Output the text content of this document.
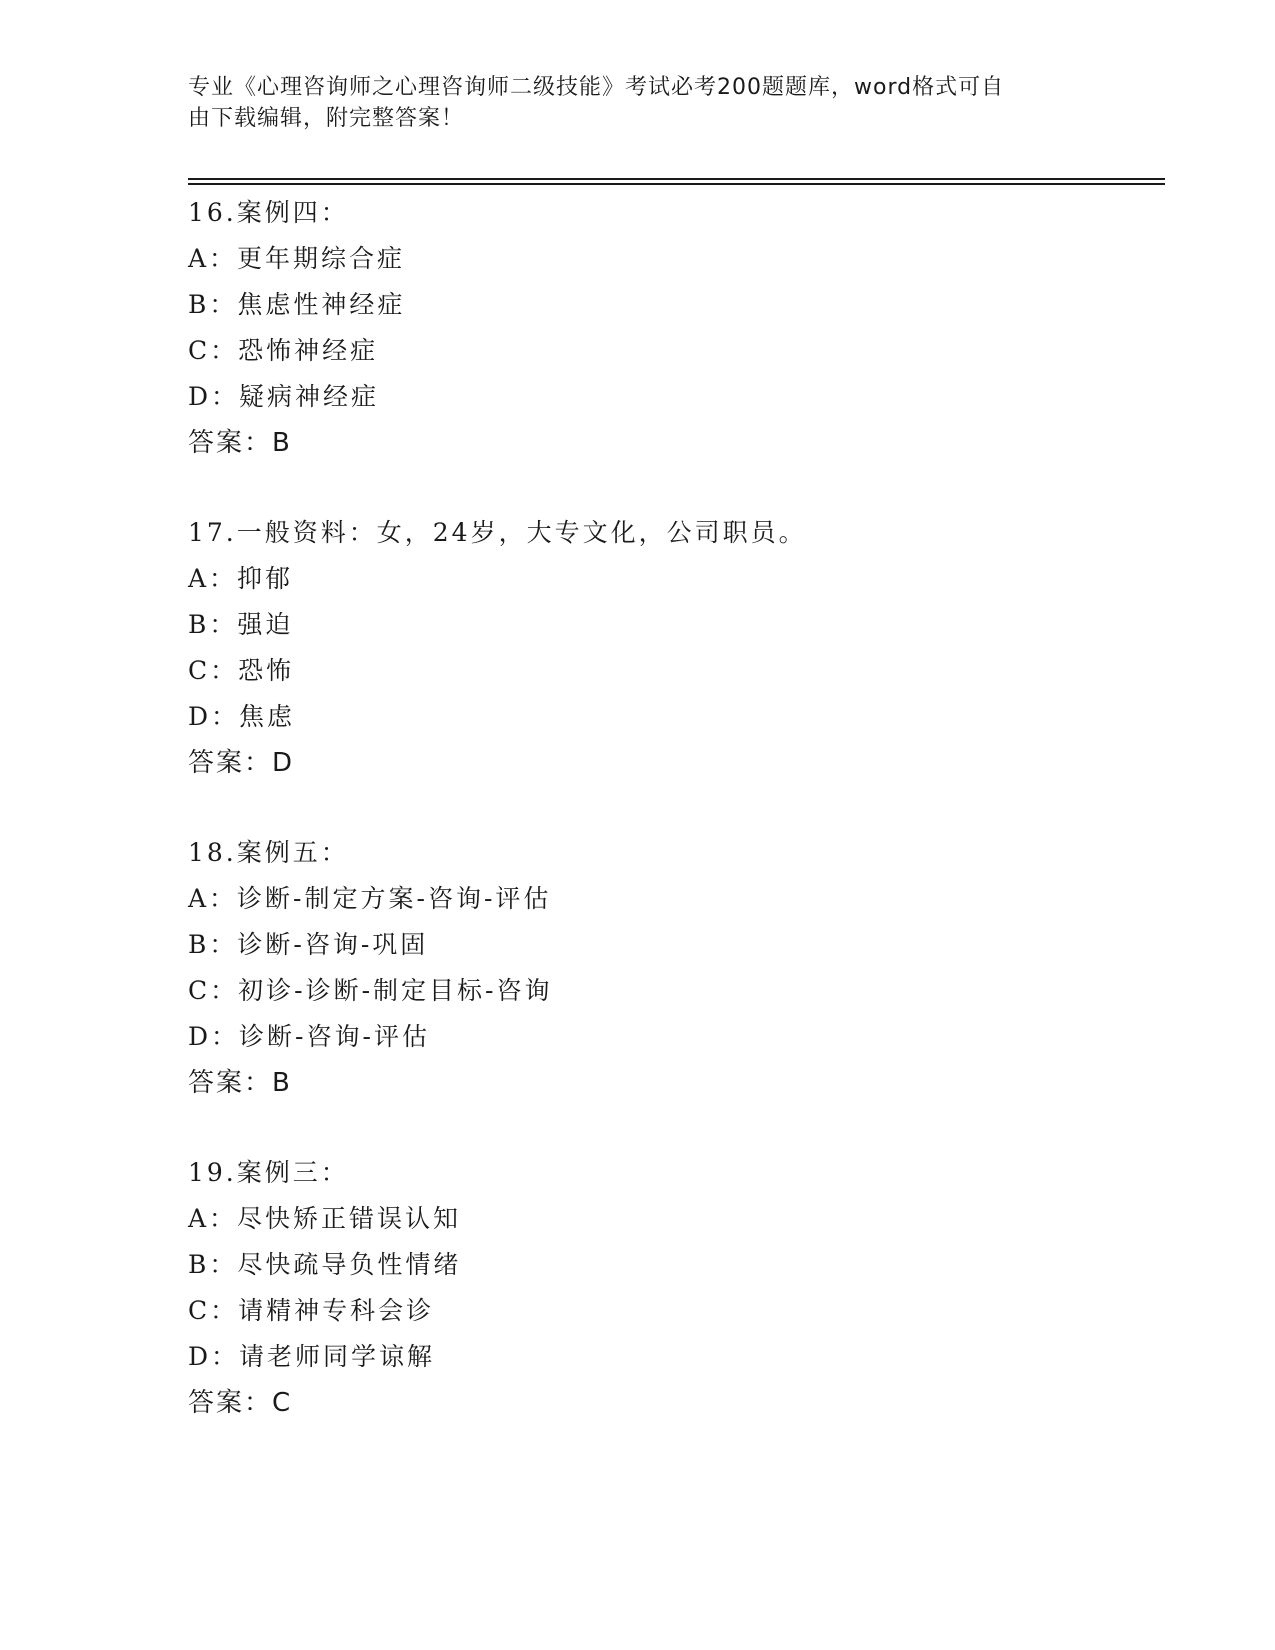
专业《心理咨询师之心理咨询师二级技能》考试必考200题题库，word格式可自
由下载编辑，附完整答案！
16.案例四：
A：更年期综合症
B：焦虑性神经症
C：恐怖神经症
D：疑病神经症
答案：B
17.一般资料：女，24岁，大专文化，公司职员。
A：抑郁
B：强迫
C：恐怖
D：焦虑
答案：D
18.案例五：
A：诊断-制定方案-咨询-评估
B：诊断-咨询-巩固
C：初诊-诊断-制定目标-咨询
D：诊断-咨询-评估
答案：B
19.案例三：
A：尽快矫正错误认知
B：尽快疏导负性情绪
C：请精神专科会诊
D：请老师同学谅解
答案：C
